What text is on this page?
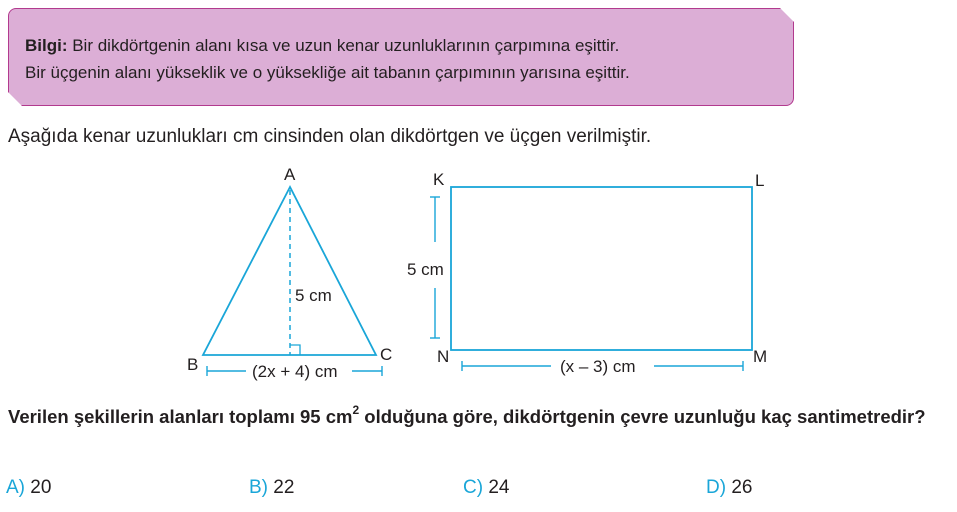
Bilgi: Bir dikdörtgenin alanı kısa ve uzun kenar uzunluklarının çarpımına eşittir.
Bir üçgenin alanı yükseklik ve o yüksekliğe ait tabanın çarpımının yarısına eşittir.
Aşağıda kenar uzunlukları cm cinsinden olan dikdörtgen ve üçgen verilmiştir.
A
B
C
5 cm
(2x + 4) cm
K	L
N	M
5 cm
(x – 3) cm
Verilen şekillerin alanları toplamı 95 $cm^2$ olduğuna göre, dikdörtgenin çevre uzunluğu kaç santimetredir?
A) 20	B) 22	C) 24	D) 26
